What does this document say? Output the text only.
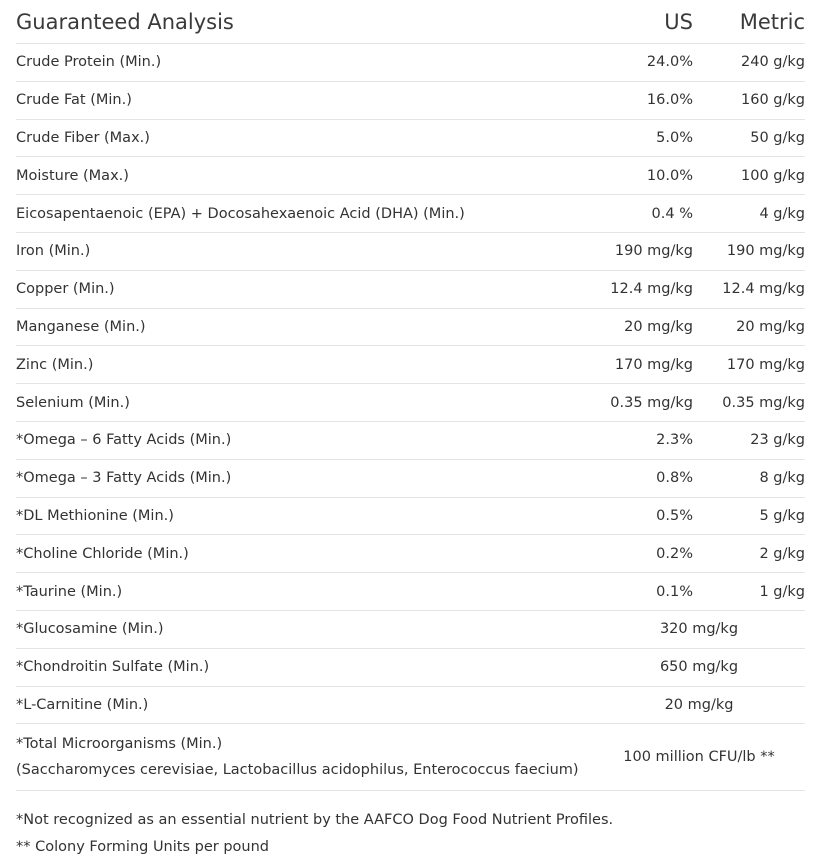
Guaranteed Analysis	US	Metric
Crude Protein (Min.)	24.0%	240 g/kg
Crude Fat (Min.)	16.0%	160 g/kg
Crude Fiber (Max.)	5.0%	50 g/kg
Moisture (Max.)	10.0%	100 g/kg
Eicosapentaenoic (EPA) + Docosahexaenoic Acid (DHA) (Min.)	0.4 %	4 g/kg
Iron (Min.)	190 mg/kg	190 mg/kg
Copper (Min.)	12.4 mg/kg	12.4 mg/kg
Manganese (Min.)	20 mg/kg	20 mg/kg
Zinc (Min.)	170 mg/kg	170 mg/kg
Selenium (Min.)	0.35 mg/kg	0.35 mg/kg
*Omega – 6 Fatty Acids (Min.)	2.3%	23 g/kg
*Omega – 3 Fatty Acids (Min.)	0.8%	8 g/kg
*DL Methionine (Min.)	0.5%	5 g/kg
*Choline Chloride (Min.)	0.2%	2 g/kg
*Taurine (Min.)	0.1%	1 g/kg
*Glucosamine (Min.)	320 mg/kg	
*Chondroitin Sulfate (Min.)	650 mg/kg	
*L-Carnitine (Min.)	20 mg/kg	
*Total Microorganisms (Min.)
(Saccharomyces cerevisiae, Lactobacillus acidophilus, Enterococcus faecium)	100 million CFU/lb **	
*Not recognized as an essential nutrient by the AAFCO Dog Food Nutrient Profiles.
** Colony Forming Units per pound
